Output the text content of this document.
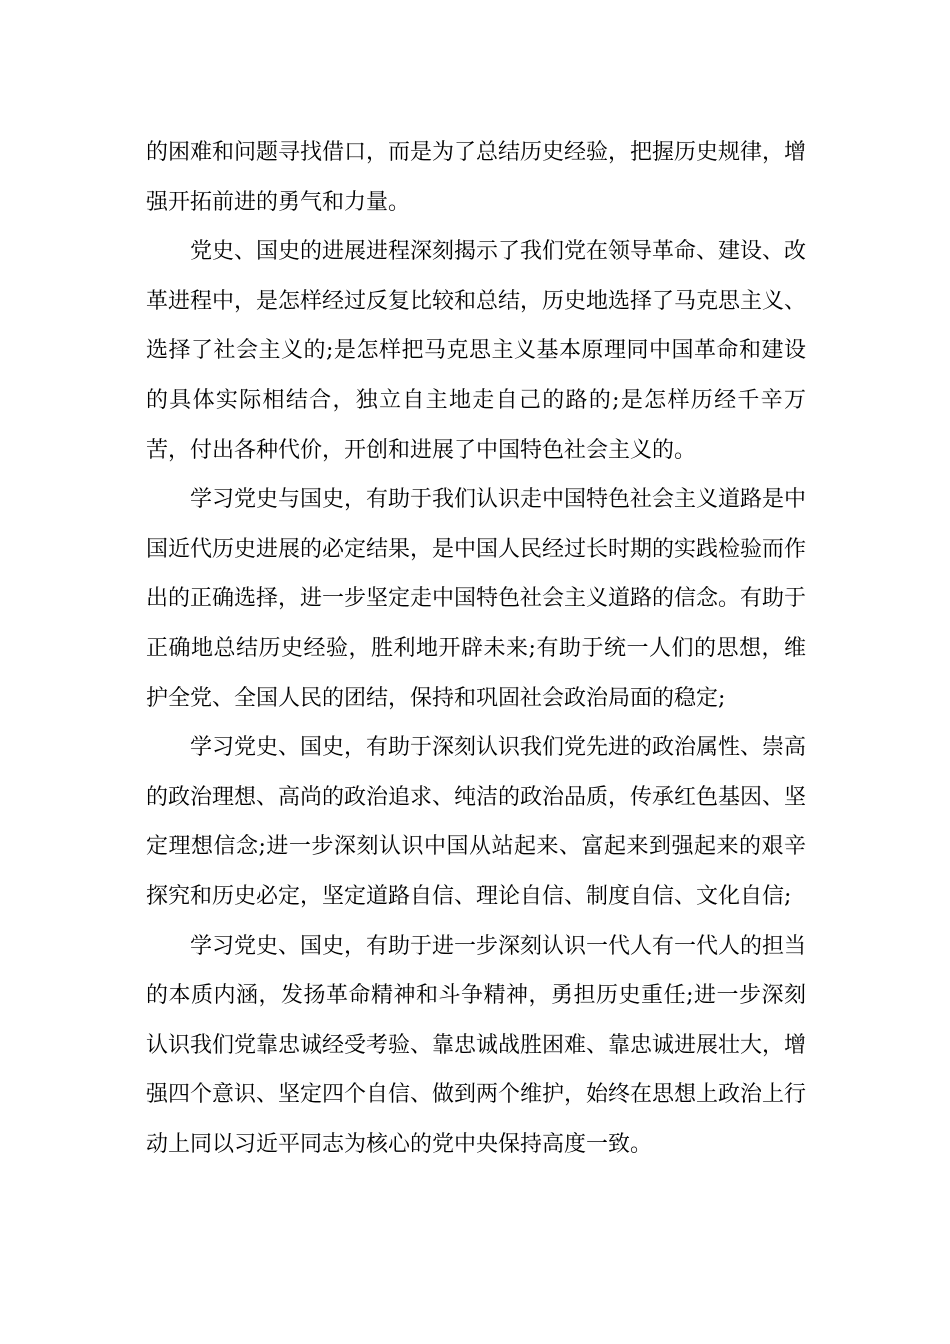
的困难和问题寻找借口，而是为了总结历史经验，把握历史规律，增强开拓前进的勇气和力量。

党史、国史的进展进程深刻揭示了我们党在领导革命、建设、改革进程中，是怎样经过反复比较和总结，历史地选择了马克思主义、选择了社会主义的;是怎样把马克思主义基本原理同中国革命和建设的具体实际相结合，独立自主地走自己的路的;是怎样历经千辛万苦，付出各种代价，开创和进展了中国特色社会主义的。

学习党史与国史，有助于我们认识走中国特色社会主义道路是中国近代历史进展的必定结果，是中国人民经过长时期的实践检验而作出的正确选择，进一步坚定走中国特色社会主义道路的信念。有助于正确地总结历史经验，胜利地开辟未来;有助于统一人们的思想，维护全党、全国人民的团结，保持和巩固社会政治局面的稳定;

学习党史、国史，有助于深刻认识我们党先进的政治属性、崇高的政治理想、高尚的政治追求、纯洁的政治品质，传承红色基因、坚定理想信念;进一步深刻认识中国从站起来、富起来到强起来的艰辛探究和历史必定，坚定道路自信、理论自信、制度自信、文化自信;

学习党史、国史，有助于进一步深刻认识一代人有一代人的担当的本质内涵，发扬革命精神和斗争精神，勇担历史重任;进一步深刻认识我们党靠忠诚经受考验、靠忠诚战胜困难、靠忠诚进展壮大，增强四个意识、坚定四个自信、做到两个维护，始终在思想上政治上行动上同以习近平同志为核心的党中央保持高度一致。
